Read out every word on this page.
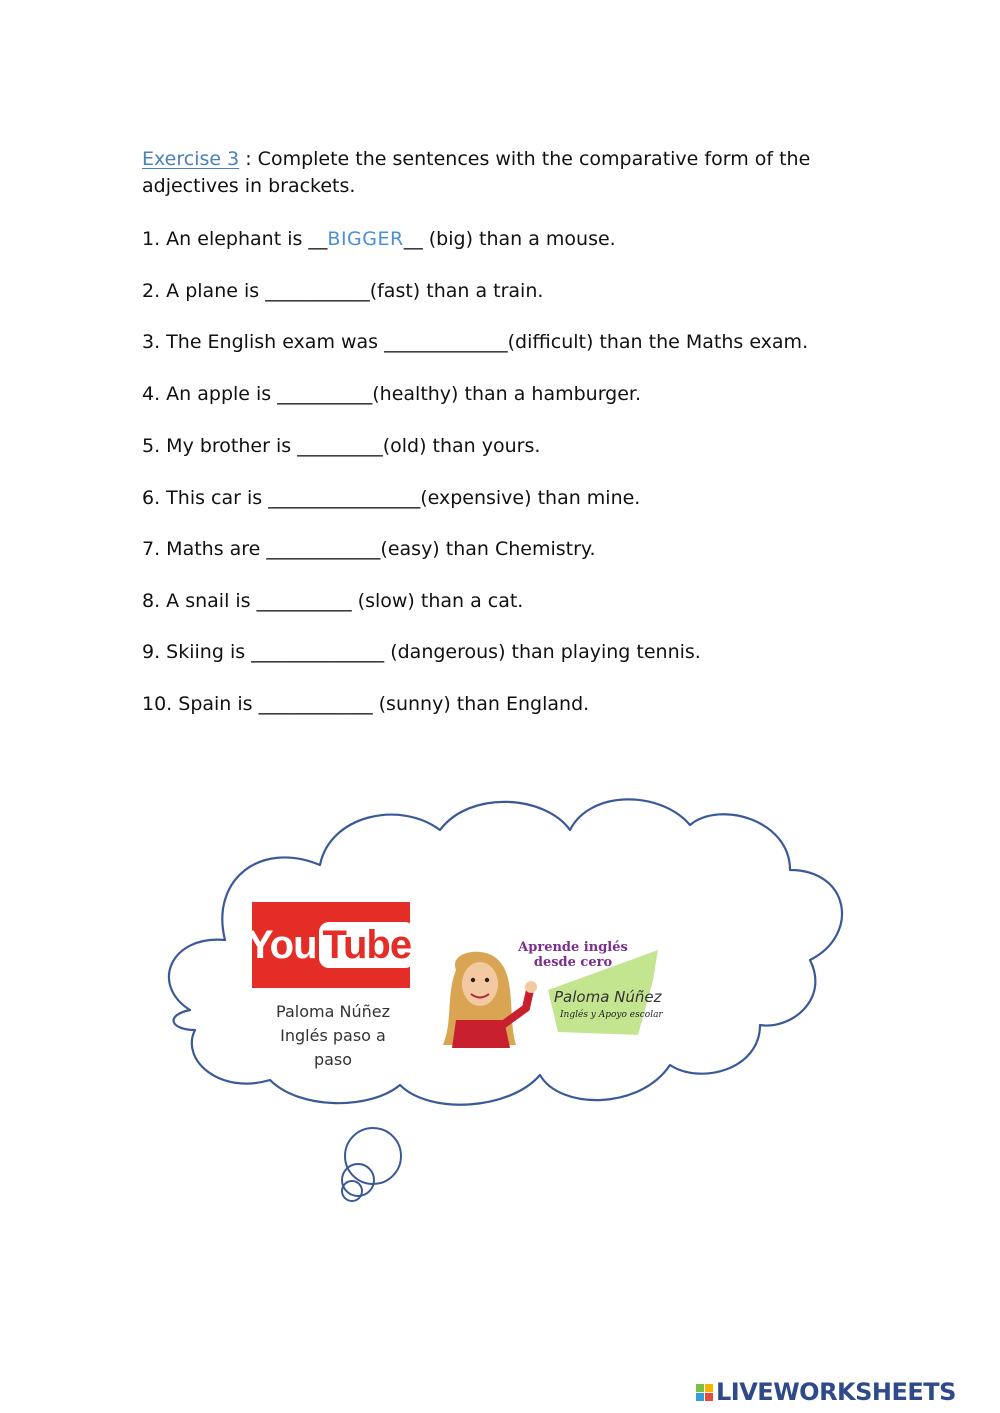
Exercise 3 : Complete the sentences with the comparative form of the adjectives in brackets.

1. An elephant is __BIGGER__ (big) than a mouse.

2. A plane is ___________(fast) than a train.

3. The English exam was _____________(difficult) than the Maths exam.

4. An apple is __________(healthy) than a hamburger.

5. My brother is _________(old) than yours.

6. This car is ________________(expensive) than mine.

7. Maths are ____________(easy) than Chemistry.

8. A snail is __________ (slow) than a cat.

9. Skiing is ______________ (dangerous) than playing tennis.

10. Spain is ____________ (sunny) than England.

You Tube
Paloma Núñez
Inglés paso a
paso
Aprende inglés
desde cero
Paloma Núñez
Inglés y Apoyo escolar
LIVEWORKSHEETS
